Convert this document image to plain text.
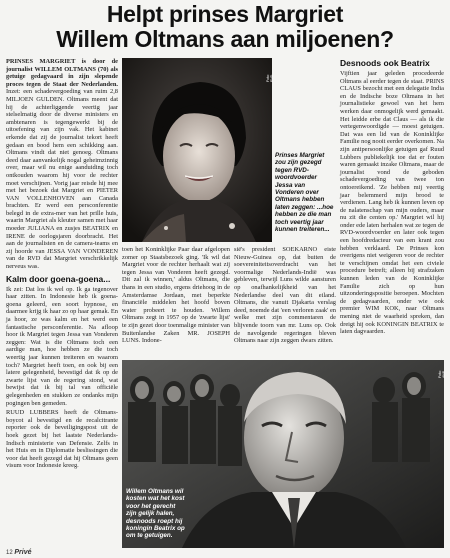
Helpt prinses Margriet
Willem Oltmans aan miljoenen?

PRINSES MARGRIET is door de journalist WILLEM OLTMANS (70) als getuige gedagvaard in zijn slepende proces tegen de Staat der Nederlanden. Inzet: een schadevergoeding van ruim 2,8 MILJOEN GULDEN. Oltmans meent dat hij de achterliggende veertig jaar stelselmatig door de diverse ministers en ambtenaren is tegengewerkt bij de uitoefening van zijn vak. Het kabinet erkende dat zij de journalist tekort heeft gedaan en bood hem een schikking aan. Oltmans vindt dat niet genoeg. Oltmans deed daar aanvankelijk nogal geheimzinnig over, maar wil nu enige aanduiding toch ontkouden waarom hij voor de rechter moet verschijnen. Vorig jaar reisde hij mee met het bezoek dat Margriet en PIETER VAN VOLLENHOVEN aan Canada brachten. Er werd een persconferentie belegd in de extra-mer van het prille huis, waarin Margriet als kleuter samen met haar moeder JULIANA en zusjes BEATRIX en IRENE de oorlogsjaren doorbracht. Het aan de journalisten en de camera-teams en zij hoorde van JESSA VAN VONDEREN van de RVD dat Margriet verschrikkelijk nerveus was.

Kalm door goena-goena...

Ik zei: Dat los ik wel op. Ik ga tegenover haar zitten. In Indonesie heb ik goena-goena geleerd, een soort hypnose, en daarmee krijg ik haar zo op haar gemak. En ja hoor, ze was kalm en het werd een fantastische persconferentie. Na afloop hoor ik Margriet tegen Jessa van Vonderen zeggen: Wat is die Oltmans toch een aardige man, hoe hebben ze die toch weertig jaar kunnen treiteren en waarom toch? Margriet heeft toen, en ook bij een latere gelegenheid, bevestigd dat ik op de zwarte lijst van de regering stond, wat bewijst dat ik bij tal van officiële gelegenheden en stukken ze ondanks mijn pogingen ben gemeden.

RUUD LUBBERS heeft de Oltmans-boycot al bevestigd en de recalcitrante reporter ook de beveiligingspost uit de hoek gezet bij het laatste Nederlands-Indisch ministerie van Defensie. Zelfs in het Huis en in Diplomatie beslissingen die voor dat heeft gezegd dat hij Oltmans geen visum voor Indonesie kreeg.

Foto: RVD
Prinses Margriet zou zijn gezegd tegen RVD-woordvoerder Jessa van Vonderen over Oltmans hebben laten zeggen: ...hoe hebben ze die man toch veertig jaar kunnen treiteren...

toen het Koninklijke Paar daar afgelopen zomer op Staatsbezoek ging. 'Ik wil dat Margriet voor de rechter herhaalt wat zij tegen Jessa van Vonderen heeft gezegd. Dit zal ik winnen,' aldus Oltmans, die thans in een studio, ergens driehoog in de Amsterdamse Jordaan, met beperkte financiële middelen het hoofd boven water probeert te houden. Willem Oltmans zegt in 1957 op de 'zwarte lijst' te zijn gezet door toenmalige minister van Buitenlandse Zaken MR. JOSEPH LUNS. Indone-

sië's president SOEKARNO eiste Nieuw-Guinea op, dat buiten de soevereiniteitsoverdracht van het voormalige Nederlands-Indië was gebleven, terwijl Luns wilde aansturen op onafhankelijkheid van het Nederlandse deel van dit eiland. Oltmans, die vanuit Djakarta verslag deed, noemde dat 'een verloren zaak' en welke met zijn commentaren de blijvende toorn van mr. Luns op. Ook de navolgende regeringen bleven Oltmans naar zijn zeggen dwars zitten.

Desnoods ook Beatrix

Vijftien jaar geleden procedeerde Oltmans al eerder tegen de staat. PRINS CLAUS bezocht met een delegatie India en de Indische boze Oltmans in het journalistieke gewoel van het hem werken daar onmogelijk werd gemaakt. Het leidde erbe dat Claus — als ik die vertegenwoordigde — moest getuigen. Dat was een lid van de Koninklijke Familie nog nooit eerder overkomen. Na zijn antipersoonlijke getuigen gaf Ruud Lubbers publiekelijk toe dat er fouten waren gemaakt inzake Oltmans, maar de journalist vond de geboden schadevergoeding van twee ton ontoereikend. 'Ze hebben mij veertig jaar belemmerd mijn brood te verdienen. Lang heb ik kunnen leven op de nalatenschap van mijn ouders, maar nu zit die centen op.' Margriet wil hij onder ede laten herhalen wat ze tegen de RVD-woordvoerder en later ook tegen een hoofdredacteur van een krant zou hebben verklaard. De Prinses kon overigens niet weigeren voor de rechter te verschijnen omdat het een civiele procedure betreft; alleen bij strafzaken kunnen leden van de Koninklijke Familie zich op hun uitzonderingspositie beroepen. Mochten de gedagvaarden, onder wie ook premier WIM KOK, naar Oltmans mening niet de waarheid spreken, dan dreigt hij ook KONINGIN BEATRIX te laten dagvaarden.

Foto: ANP
Willem Oltmans wil kosten wat het kost voor het gerecht zijn gelijk halen, desnoods roept hij koningin Beatrix op om te getuigen.
12 Privé
